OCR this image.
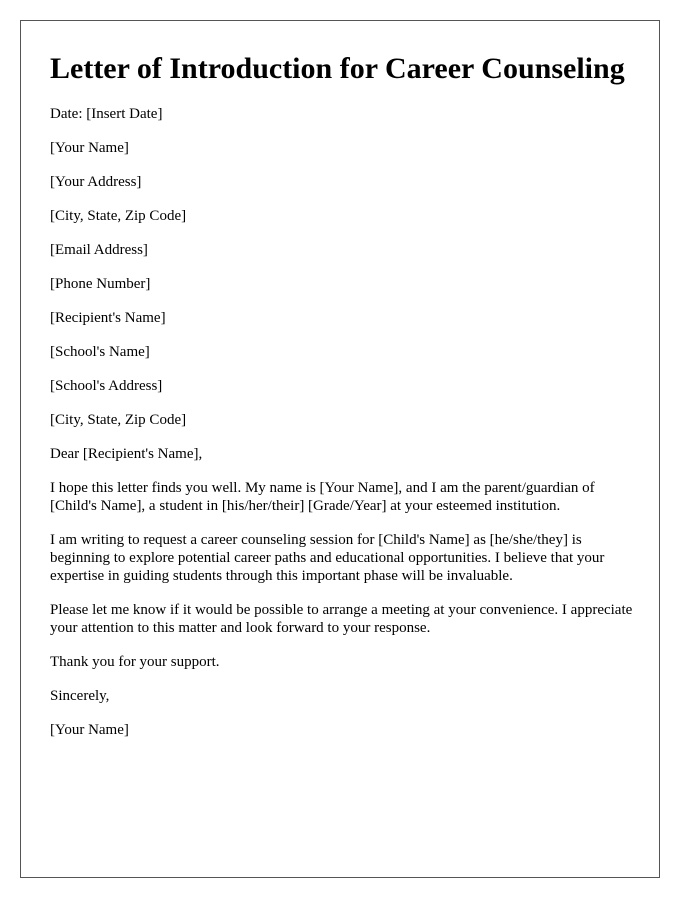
Letter of Introduction for Career Counseling

Date: [Insert Date]

[Your Name]

[Your Address]

[City, State, Zip Code]

[Email Address]

[Phone Number]

[Recipient's Name]

[School's Name]

[School's Address]

[City, State, Zip Code]

Dear [Recipient's Name],

I hope this letter finds you well. My name is [Your Name], and I am the parent/guardian of [Child's Name], a student in [his/her/their] [Grade/Year] at your esteemed institution.

I am writing to request a career counseling session for [Child's Name] as [he/she/they] is beginning to explore potential career paths and educational opportunities. I believe that your expertise in guiding students through this important phase will be invaluable.

Please let me know if it would be possible to arrange a meeting at your convenience. I appreciate your attention to this matter and look forward to your response.

Thank you for your support.

Sincerely,

[Your Name]
